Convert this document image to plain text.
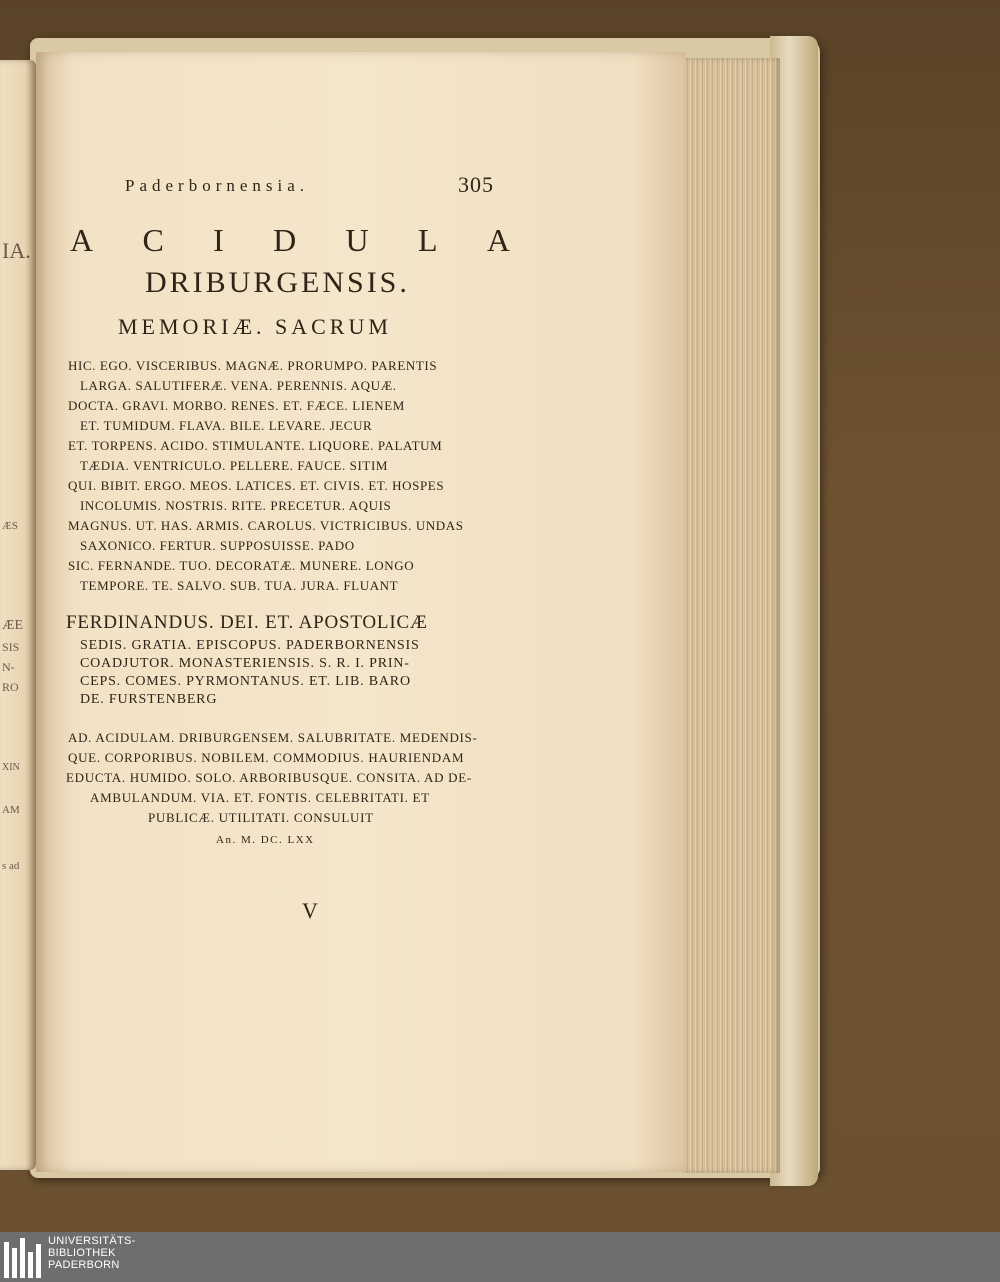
IA.
ÆS
ÆE
SIS
N-
RO
XIN
AM
s ad
Paderbornensia.	305
A C I D U L A
DRIBURGENSIS.
MEMORIÆ. SACRUM
HIC. EGO. VISCERIBUS. MAGNÆ. PRORUMPO. PARENTIS
LARGA. SALUTIFERÆ. VENA. PERENNIS. AQUÆ.
DOCTA. GRAVI. MORBO. RENES. ET. FÆCE. LIENEM
ET. TUMIDUM. FLAVA. BILE. LEVARE. JECUR
ET. TORPENS. ACIDO. STIMULANTE. LIQUORE. PALATUM
TÆDIA. VENTRICULO. PELLERE. FAUCE. SITIM
QUI. BIBIT. ERGO. MEOS. LATICES. ET. CIVIS. ET. HOSPES
INCOLUMIS. NOSTRIS. RITE. PRECETUR. AQUIS
MAGNUS. UT. HAS. ARMIS. CAROLUS. VICTRICIBUS. UNDAS
SAXONICO. FERTUR. SUPPOSUISSE. PADO
SIC. FERNANDE. TUO. DECORATÆ. MUNERE. LONGO
TEMPORE. TE. SALVO. SUB. TUA. JURA. FLUANT
FERDINANDUS. DEI. ET. APOSTOLICÆ
SEDIS. GRATIA. EPISCOPUS. PADERBORNENSIS
COADJUTOR. MONASTERIENSIS. S. R. I. PRIN-
CEPS. COMES. PYRMONTANUS. ET. LIB. BARO
DE. FURSTENBERG
AD. ACIDULAM. DRIBURGENSEM. SALUBRITATE. MEDENDIS-
QUE. CORPORIBUS. NOBILEM. COMMODIUS. HAURIENDAM
EDUCTA. HUMIDO. SOLO. ARBORIBUSQUE. CONSITA. AD DE-
AMBULANDUM. VIA. ET. FONTIS. CELEBRITATI. ET
PUBLICÆ. UTILITATI. CONSULUIT
An. M. DC. LXX
V
UNIVERSITÄTS-
BIBLIOTHEK
PADERBORN
